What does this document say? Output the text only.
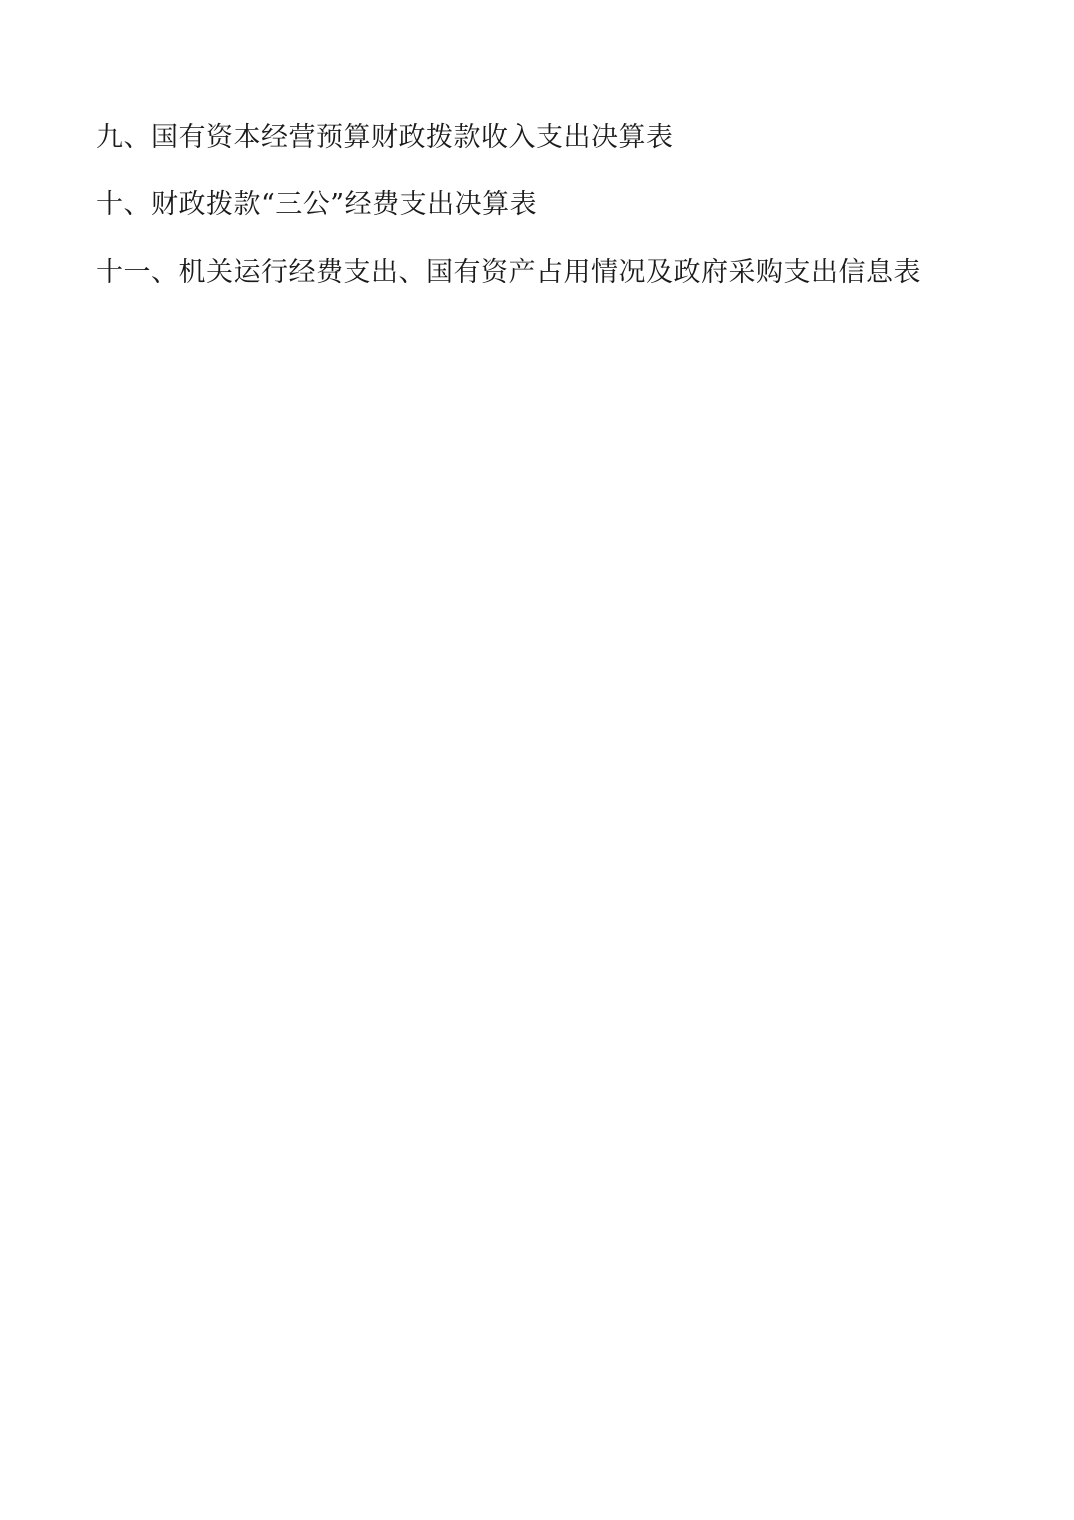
九、国有资本经营预算财政拨款收入支出决算表

十、财政拨款“三公”经费支出决算表

十一、机关运行经费支出、国有资产占用情况及政府采购支出信息表
